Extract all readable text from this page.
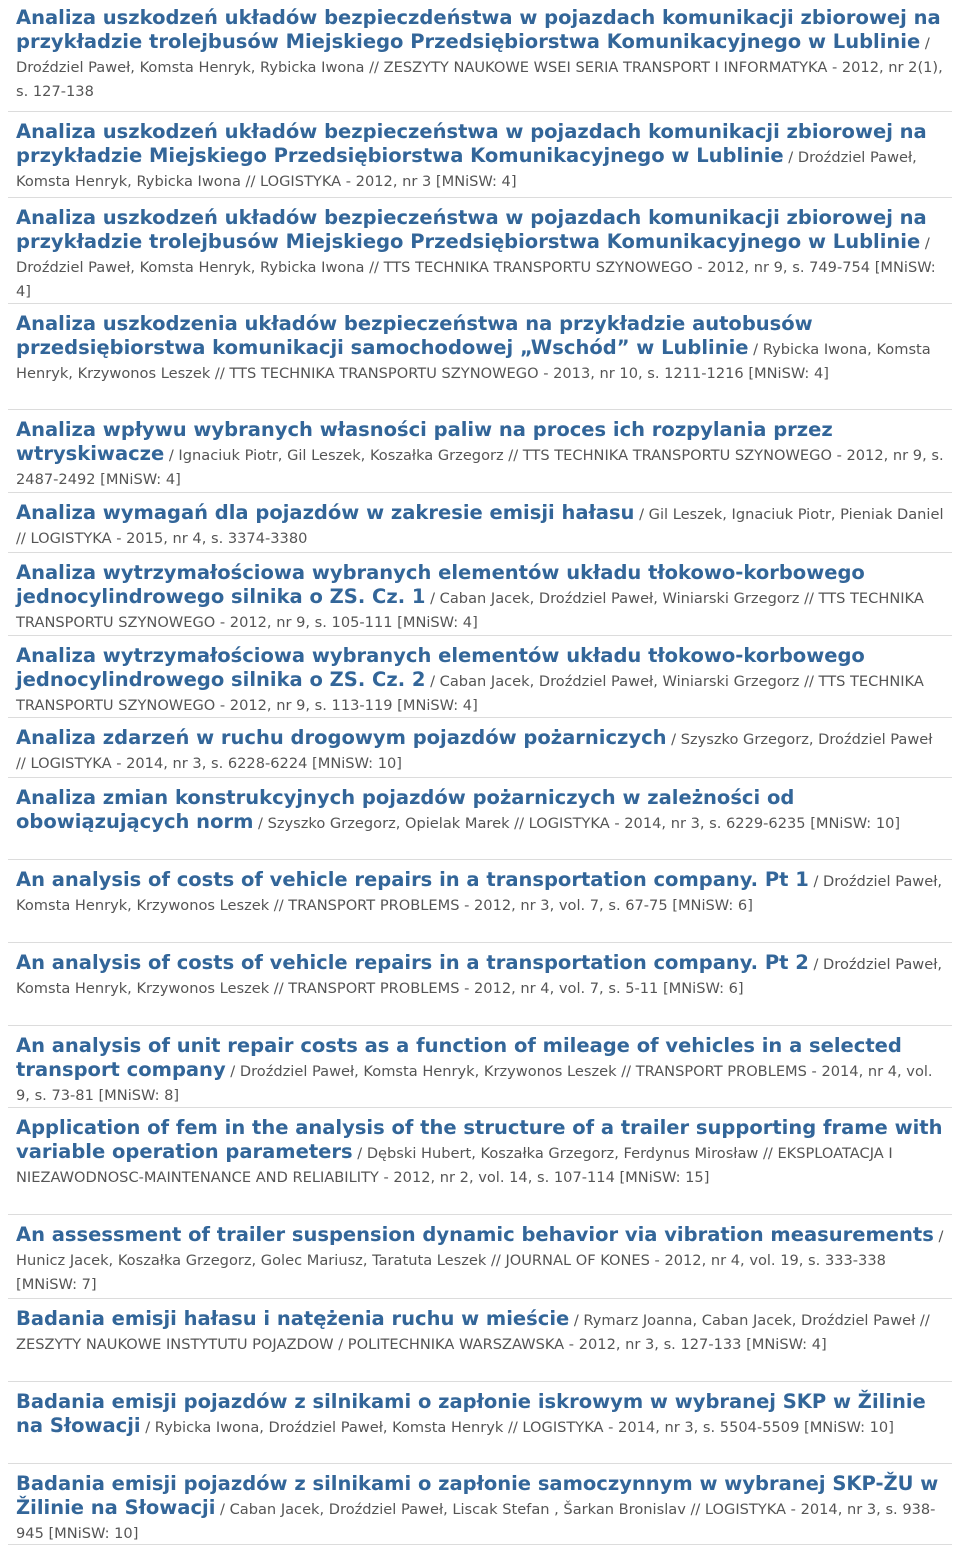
Analiza uszkodzeń układów bezpieczdeństwa w pojazdach komunikacji zbiorowej na przykładzie trolejbusów Miejskiego Przedsiębiorstwa Komunikacyjnego w Lublinie / Droździel Paweł, Komsta Henryk, Rybicka Iwona // ZESZYTY NAUKOWE WSEI SERIA TRANSPORT I INFORMATYKA - 2012, nr 2(1), s. 127-138
Analiza uszkodzeń układów bezpieczeństwa w pojazdach komunikacji zbiorowej na przykładzie Miejskiego Przedsiębiorstwa Komunikacyjnego w Lublinie / Droździel Paweł, Komsta Henryk, Rybicka Iwona // LOGISTYKA - 2012, nr 3 [MNiSW: 4]
Analiza uszkodzeń układów bezpieczeństwa w pojazdach komunikacji zbiorowej na przykładzie trolejbusów Miejskiego Przedsiębiorstwa Komunikacyjnego w Lublinie / Droździel Paweł, Komsta Henryk, Rybicka Iwona // TTS TECHNIKA TRANSPORTU SZYNOWEGO - 2012, nr 9, s. 749-754 [MNiSW: 4]
Analiza uszkodzenia układów bezpieczeństwa na przykładzie autobusów przedsiębiorstwa komunikacji samochodowej „Wschód” w Lublinie / Rybicka Iwona, Komsta Henryk, Krzywonos Leszek // TTS TECHNIKA TRANSPORTU SZYNOWEGO - 2013, nr 10, s. 1211-1216 [MNiSW: 4]
Analiza wpływu wybranych własności paliw na proces ich rozpylania przez wtryskiwacze / Ignaciuk Piotr, Gil Leszek, Koszałka Grzegorz // TTS TECHNIKA TRANSPORTU SZYNOWEGO - 2012, nr 9, s. 2487-2492 [MNiSW: 4]
Analiza wymagań dla pojazdów w zakresie emisji hałasu / Gil Leszek, Ignaciuk Piotr, Pieniak Daniel // LOGISTYKA - 2015, nr 4, s. 3374-3380
Analiza wytrzymałościowa wybranych elementów układu tłokowo-korbowego jednocylindrowego silnika o ZS. Cz. 1 / Caban Jacek, Droździel Paweł, Winiarski Grzegorz // TTS TECHNIKA TRANSPORTU SZYNOWEGO - 2012, nr 9, s. 105-111 [MNiSW: 4]
Analiza wytrzymałościowa wybranych elementów układu tłokowo-korbowego jednocylindrowego silnika o ZS. Cz. 2 / Caban Jacek, Droździel Paweł, Winiarski Grzegorz // TTS TECHNIKA TRANSPORTU SZYNOWEGO - 2012, nr 9, s. 113-119 [MNiSW: 4]
Analiza zdarzeń w ruchu drogowym pojazdów pożarniczych / Szyszko Grzegorz, Droździel Paweł // LOGISTYKA - 2014, nr 3, s. 6228-6224 [MNiSW: 10]
Analiza zmian konstrukcyjnych pojazdów pożarniczych w zależności od obowiązujących norm / Szyszko Grzegorz, Opielak Marek // LOGISTYKA - 2014, nr 3, s. 6229-6235 [MNiSW: 10]
An analysis of costs of vehicle repairs in a transportation company. Pt 1 / Droździel Paweł, Komsta Henryk, Krzywonos Leszek // TRANSPORT PROBLEMS - 2012, nr 3, vol. 7, s. 67-75 [MNiSW: 6]
An analysis of costs of vehicle repairs in a transportation company. Pt 2 / Droździel Paweł, Komsta Henryk, Krzywonos Leszek // TRANSPORT PROBLEMS - 2012, nr 4, vol. 7, s. 5-11 [MNiSW: 6]
An analysis of unit repair costs as a function of mileage of vehicles in a selected transport company / Droździel Paweł, Komsta Henryk, Krzywonos Leszek // TRANSPORT PROBLEMS - 2014, nr 4, vol. 9, s. 73-81 [MNiSW: 8]
Application of fem in the analysis of the structure of a trailer supporting frame with variable operation parameters / Dębski Hubert, Koszałka Grzegorz, Ferdynus Mirosław // EKSPLOATACJA I NIEZAWODNOSC-MAINTENANCE AND RELIABILITY - 2012, nr 2, vol. 14, s. 107-114 [MNiSW: 15]
An assessment of trailer suspension dynamic behavior via vibration measurements / Hunicz Jacek, Koszałka Grzegorz, Golec Mariusz, Taratuta Leszek // JOURNAL OF KONES - 2012, nr 4, vol. 19, s. 333-338 [MNiSW: 7]
Badania emisji hałasu i natężenia ruchu w mieście / Rymarz Joanna, Caban Jacek, Droździel Paweł // ZESZYTY NAUKOWE INSTYTUTU POJAZDOW / POLITECHNIKA WARSZAWSKA - 2012, nr 3, s. 127-133 [MNiSW: 4]
Badania emisji pojazdów z silnikami o zapłonie iskrowym w wybranej SKP w Žilinie na Słowacji / Rybicka Iwona, Droździel Paweł, Komsta Henryk // LOGISTYKA - 2014, nr 3, s. 5504-5509 [MNiSW: 10]
Badania emisji pojazdów z silnikami o zapłonie samoczynnym w wybranej SKP-ŽU w Žilinie na Słowacji / Caban Jacek, Droździel Paweł, Liscak Stefan , Šarkan Bronislav // LOGISTYKA - 2014, nr 3, s. 938-945 [MNiSW: 10]
